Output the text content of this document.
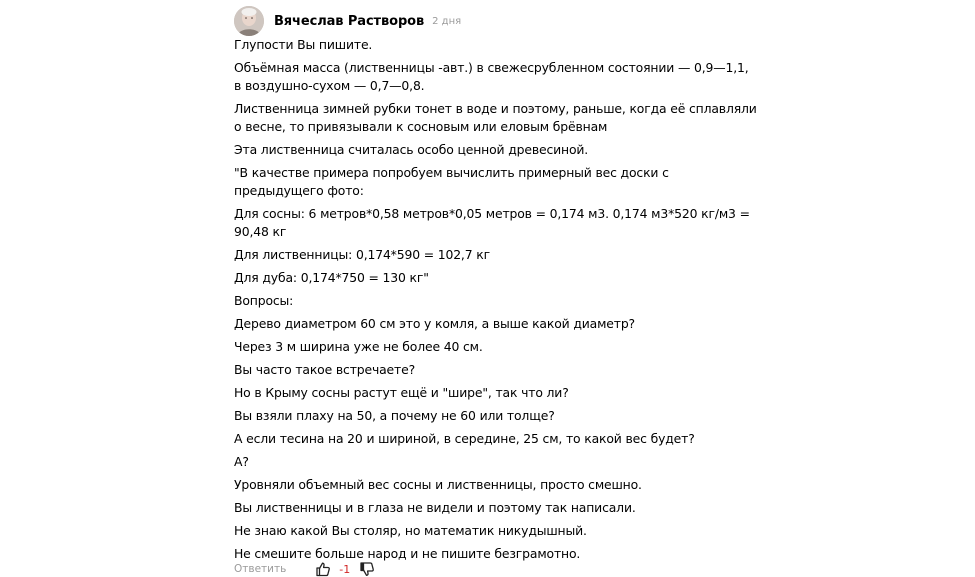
Вячеслав Растворов 2 дня
Глупости Вы пишите.
Объёмная масса (лиственницы -авт.) в свежесрубленном состоянии — 0,9—1,1,
в воздушно-сухом — 0,7—0,8.
Лиственница зимней рубки тонет в воде и поэтому, раньше, когда её сплавляли
о весне, то привязывали к сосновым или еловым брёвнам
Эта лиственница считалась особо ценной древесиной.
"В качестве примера попробуем вычислить примерный вес доски с
предыдущего фото:
Для сосны: 6 метров*0,58 метров*0,05 метров = 0,174 м3. 0,174 м3*520 кг/м3 =
90,48 кг
Для лиственницы: 0,174*590 = 102,7 кг
Для дуба: 0,174*750 = 130 кг"
Вопросы:
Дерево диаметром 60 см это у комля, а выше какой диаметр?
Через 3 м ширина уже не более 40 см.
Вы часто такое встречаете?
Но в Крыму сосны растут ещё и "шире", так что ли?
Вы взяли плаху на 50, а почему не 60 или толще?
А если тесина на 20 и шириной, в середине, 25 см, то какой вес будет?
А?
Уровняли объемный вес сосны и лиственницы, просто смешно.
Вы лиственницы и в глаза не видели и поэтому так написали.
Не знаю какой Вы столяр, но математик никудышный.
Не смешите больше народ и не пишите безграмотно.
Ответить	-1
